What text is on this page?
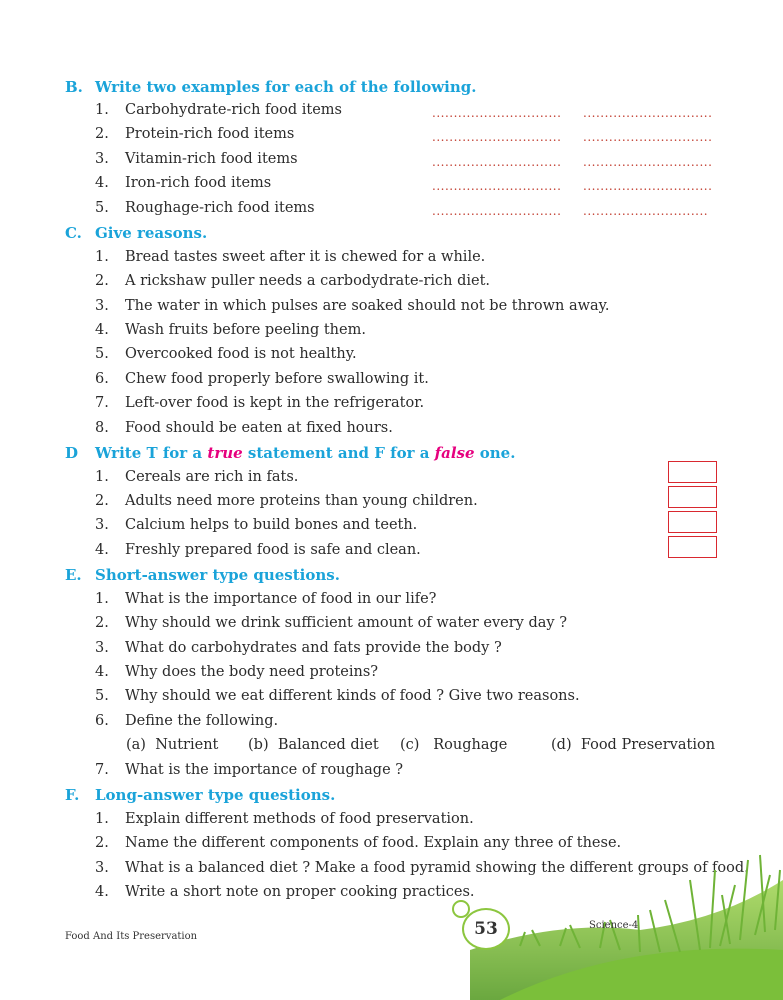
B. Write two examples for each of the following.
1. Carbohydrate-rich food items
2. Protein-rich food items
3. Vitamin-rich food items
4. Iron-rich food items
5. Roughage-rich food items
.............................. ..............................
.............................. ..............................
.............................. ..............................
.............................. ..............................
.............................. .............................
C. Give reasons.
1. Bread tastes sweet after it is chewed for a while.
2. A rickshaw puller needs a carbodydrate-rich diet.
3. The water in which pulses are soaked should not be thrown away.
4. Wash fruits before peeling them.
5. Overcooked food is not healthy.
6. Chew food properly before swallowing it.
7. Left-over food is kept in the refrigerator.
8. Food should be eaten at fixed hours.
D Write T for a true statement and F for a false one.
1. Cereals are rich in fats.
2. Adults need more proteins than young children.
3. Calcium helps to build bones and teeth.
4. Freshly prepared food is safe and clean.
E. Short-answer type questions.
1. What is the importance of food in our life?
2. Why should we drink sufficient amount of water every day ?
3. What do carbohydrates and fats provide the body ?
4. Why does the body need proteins?
5. Why should we eat different kinds of food ? Give two reasons.
6. Define the following.
(a) Nutrient (b) Balanced diet (c) Roughage	(d) Food Preservation
7. What is the importance of roughage ?
F. Long-answer type questions.
1. Explain different methods of food preservation.
2. Name the different components of food. Explain any three of these.
3. What is a balanced diet ? Make a food pyramid showing the different groups of food.
4. Write a short note on proper cooking practices.
53
Food And Its Preservation
Science-4
